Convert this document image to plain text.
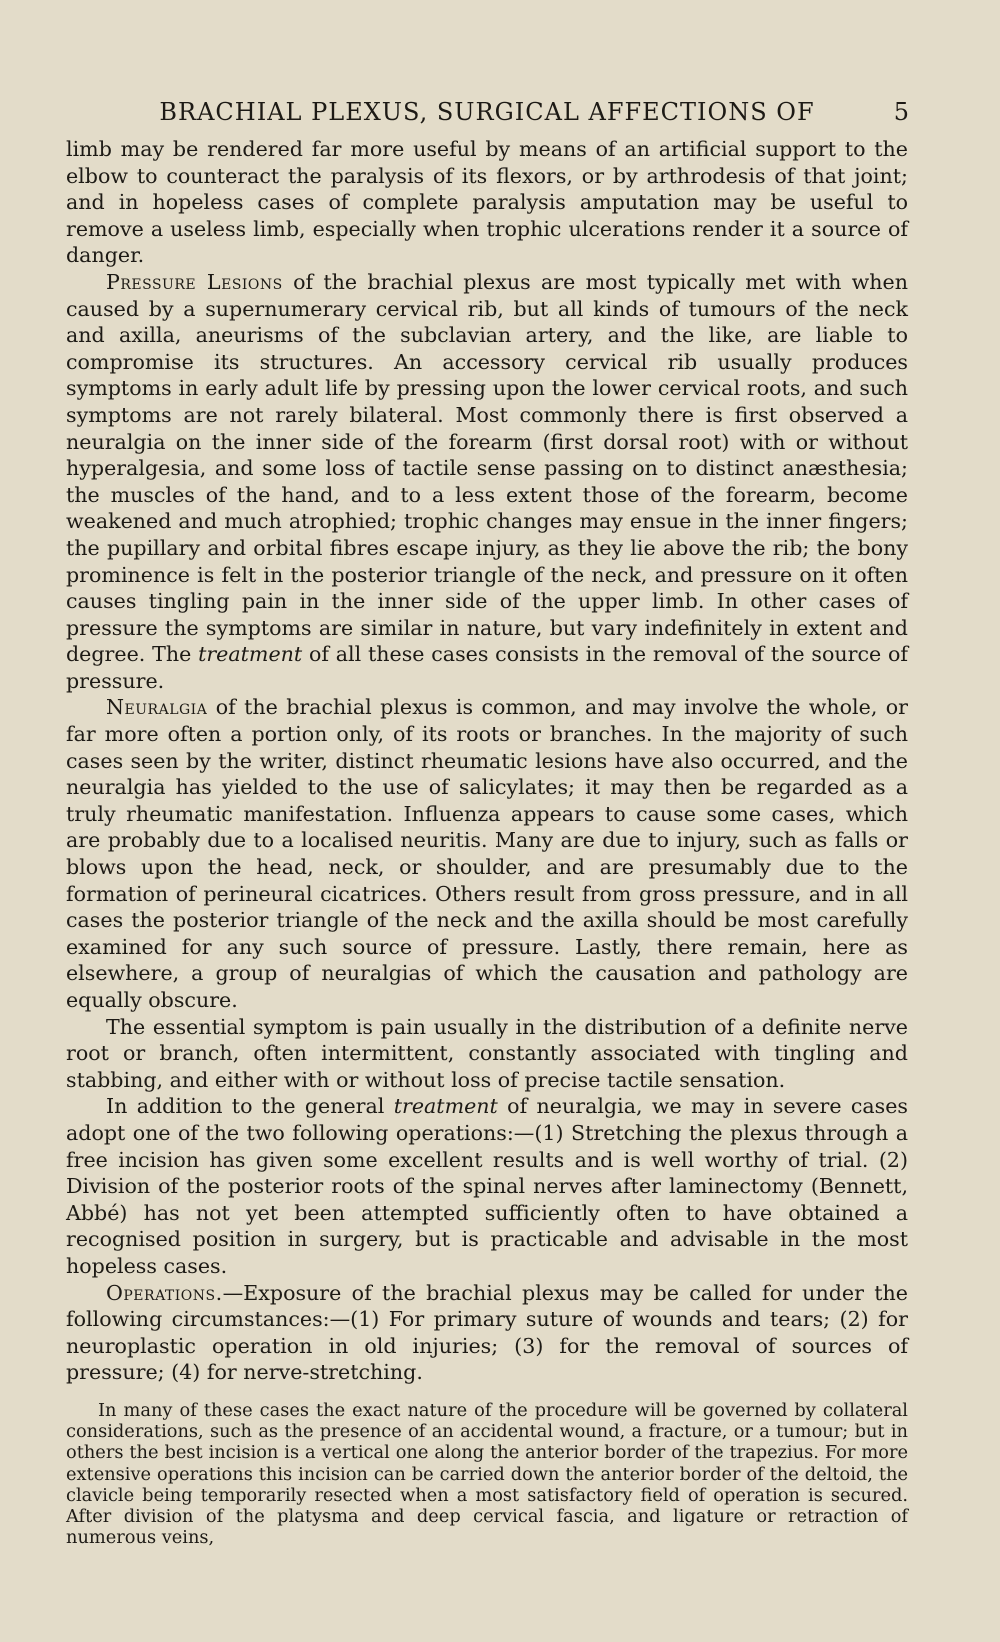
BRACHIAL PLEXUS, SURGICAL AFFECTIONS OF	5

limb may be rendered far more useful by means of an artificial support to the elbow to counteract the paralysis of its flexors, or by arthrodesis of that joint; and in hopeless cases of complete paralysis amputation may be useful to remove a useless limb, especially when trophic ulcerations render it a source of danger.

Pressure Lesions of the brachial plexus are most typically met with when caused by a supernumerary cervical rib, but all kinds of tumours of the neck and axilla, aneurisms of the subclavian artery, and the like, are liable to compromise its structures. An accessory cervical rib usually produces symptoms in early adult life by pressing upon the lower cervical roots, and such symptoms are not rarely bilateral. Most commonly there is first observed a neuralgia on the inner side of the forearm (first dorsal root) with or without hyperalgesia, and some loss of tactile sense passing on to distinct anæsthesia; the muscles of the hand, and to a less extent those of the forearm, become weakened and much atrophied; trophic changes may ensue in the inner fingers; the pupillary and orbital fibres escape injury, as they lie above the rib; the bony prominence is felt in the posterior triangle of the neck, and pressure on it often causes tingling pain in the inner side of the upper limb. In other cases of pressure the symptoms are similar in nature, but vary indefinitely in extent and degree. The treatment of all these cases consists in the removal of the source of pressure.

Neuralgia of the brachial plexus is common, and may involve the whole, or far more often a portion only, of its roots or branches. In the majority of such cases seen by the writer, distinct rheumatic lesions have also occurred, and the neuralgia has yielded to the use of salicylates; it may then be regarded as a truly rheumatic manifestation. Influenza appears to cause some cases, which are probably due to a localised neuritis. Many are due to injury, such as falls or blows upon the head, neck, or shoulder, and are presumably due to the formation of perineural cicatrices. Others result from gross pressure, and in all cases the posterior triangle of the neck and the axilla should be most carefully examined for any such source of pressure. Lastly, there remain, here as elsewhere, a group of neuralgias of which the causation and pathology are equally obscure.

The essential symptom is pain usually in the distribution of a definite nerve root or branch, often intermittent, constantly associated with tingling and stabbing, and either with or without loss of precise tactile sensation.

In addition to the general treatment of neuralgia, we may in severe cases adopt one of the two following operations:—(1) Stretching the plexus through a free incision has given some excellent results and is well worthy of trial. (2) Division of the posterior roots of the spinal nerves after laminectomy (Bennett, Abbé) has not yet been attempted sufficiently often to have obtained a recognised position in surgery, but is practicable and advisable in the most hopeless cases.

Operations.—Exposure of the brachial plexus may be called for under the following circumstances:—(1) For primary suture of wounds and tears; (2) for neuroplastic operation in old injuries; (3) for the removal of sources of pressure; (4) for nerve-stretching.

In many of these cases the exact nature of the procedure will be governed by collateral considerations, such as the presence of an accidental wound, a fracture, or a tumour; but in others the best incision is a vertical one along the anterior border of the trapezius. For more extensive operations this incision can be carried down the anterior border of the deltoid, the clavicle being temporarily resected when a most satisfactory field of operation is secured. After division of the platysma and deep cervical fascia, and ligature or retraction of numerous veins,
